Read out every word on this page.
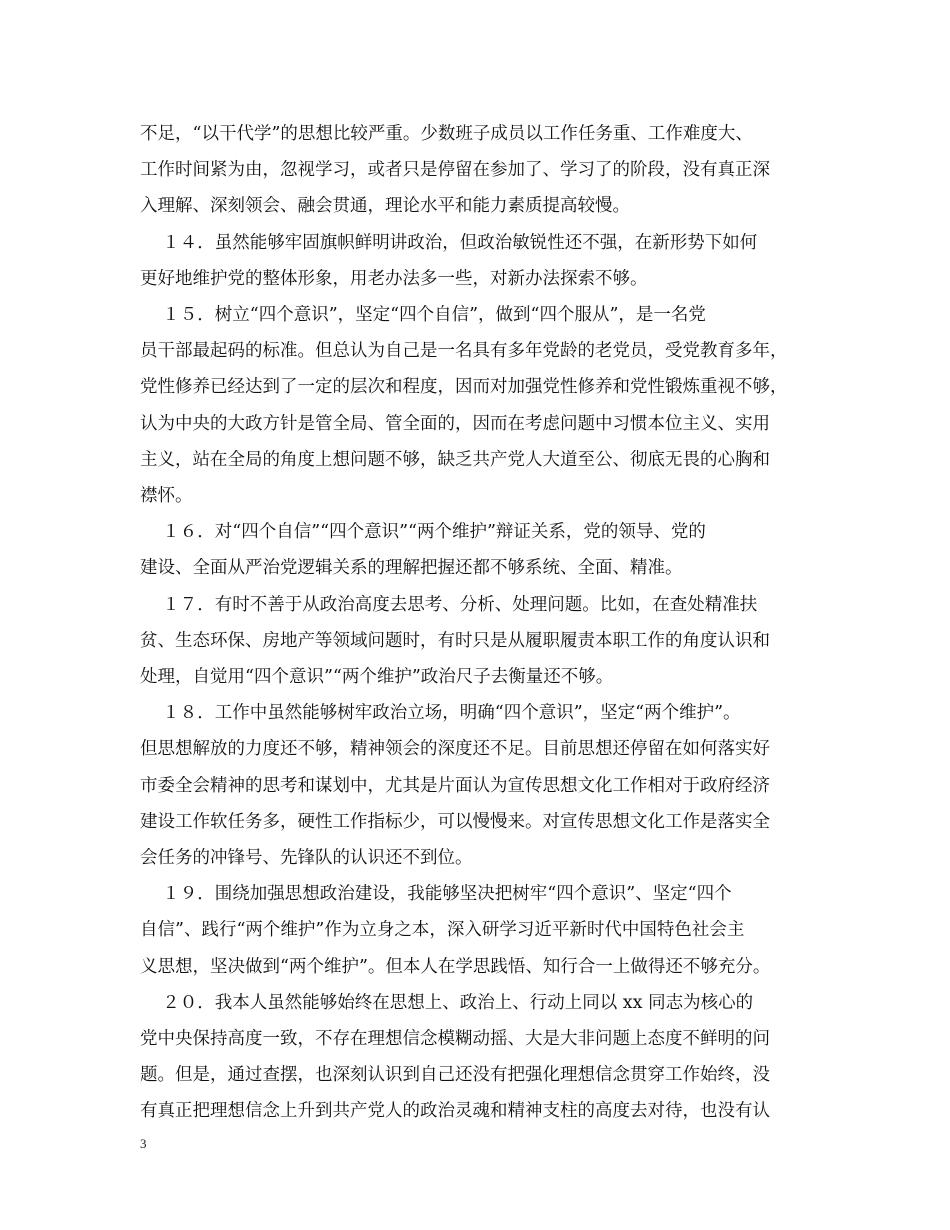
不足，“以干代学”的思想比较严重。少数班子成员以工作任务重、工作难度大、
工作时间紧为由，忽视学习，或者只是停留在参加了、学习了的阶段，没有真正深
入理解、深刻领会、融会贯通，理论水平和能力素质提高较慢。

１４．虽然能够牢固旗帜鲜明讲政治，但政治敏锐性还不强，在新形势下如何
更好地维护党的整体形象，用老办法多一些，对新办法探索不够。

１５．树立“四个意识”，坚定“四个自信”，做到“四个服从”，是一名党
员干部最起码的标准。但总认为自己是一名具有多年党龄的老党员，受党教育多年，
党性修养已经达到了一定的层次和程度，因而对加强党性修养和党性锻炼重视不够，
认为中央的大政方针是管全局、管全面的，因而在考虑问题中习惯本位主义、实用
主义，站在全局的角度上想问题不够，缺乏共产党人大道至公、彻底无畏的心胸和
襟怀。

１６．对“四个自信”“四个意识”“两个维护”辩证关系，党的领导、党的
建设、全面从严治党逻辑关系的理解把握还都不够系统、全面、精准。

１７．有时不善于从政治高度去思考、分析、处理问题。比如，在查处精准扶
贫、生态环保、房地产等领域问题时，有时只是从履职履责本职工作的角度认识和
处理，自觉用“四个意识”“两个维护”政治尺子去衡量还不够。

１８．工作中虽然能够树牢政治立场，明确“四个意识”，坚定“两个维护”。
但思想解放的力度还不够，精神领会的深度还不足。目前思想还停留在如何落实好
市委全会精神的思考和谋划中，尤其是片面认为宣传思想文化工作相对于政府经济
建设工作软任务多，硬性工作指标少，可以慢慢来。对宣传思想文化工作是落实全
会任务的冲锋号、先锋队的认识还不到位。

１９．围绕加强思想政治建设，我能够坚决把树牢“四个意识”、坚定“四个
自信”、践行“两个维护”作为立身之本，深入研学习近平新时代中国特色社会主
义思想，坚决做到“两个维护”。但本人在学思践悟、知行合一上做得还不够充分。

２０．我本人虽然能够始终在思想上、政治上、行动上同以 xx 同志为核心的
党中央保持高度一致，不存在理想信念模糊动摇、大是大非问题上态度不鲜明的问
题。但是，通过查摆，也深刻认识到自己还没有把强化理想信念贯穿工作始终，没
有真正把理想信念上升到共产党人的政治灵魂和精神支柱的高度去对待，也没有认

3
